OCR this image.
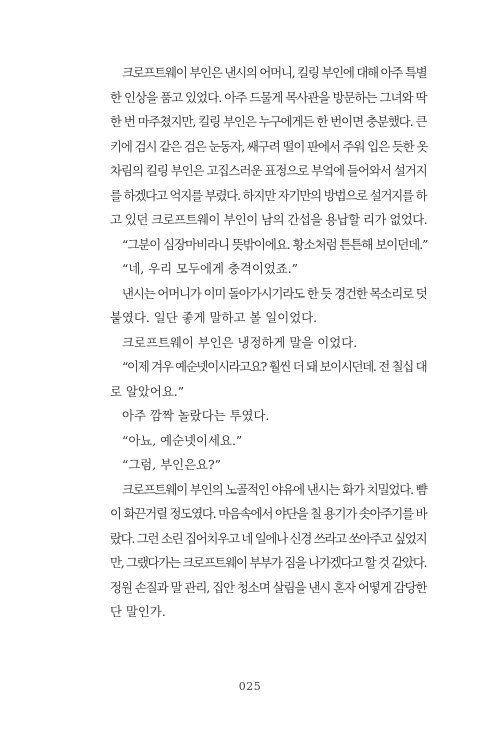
크로프트웨이 부인은 낸시의 어머니, 킬링 부인에 대해 아주 특별
한 인상을 품고 있었다. 아주 드물게 목사관을 방문하는 그녀와 딱
한 번 마주쳤지만, 킬링 부인은 누구에게든 한 번이면 충분했다. 큰
키에 검시 같은 검은 눈동자, 쌔구려 떨이 판에서 주워 입은 듯한 옷
차림의 킬링 부인은 고집스러운 표정으로 부엌에 들어와서 설거지
를 하겠다고 억지를 부렸다. 하지만 자기만의 방법으로 설거지를 하
고 있던 크로프트웨이 부인이 남의 간섭을 용납할 리가 없었다.
“그분이 심장마비라니 뜻밖이에요. 황소처럼 튼튼해 보이던데.”
“네, 우리 모두에게 충격이었죠.”
낸시는 어머니가 이미 돌아가시기라도 한 듯 경건한 목소리로 덧
붙였다. 일단 좋게 말하고 볼 일이었다.
크로프트웨이 부인은 냉정하게 말을 이었다.
“이제 겨우 예순넷이시라고요? 훨씬 더 돼 보이시던데. 전 칠십 대
로 알았어요.”
아주 깜짝 놀랐다는 투였다.
“아뇨, 예순넷이세요.”
“그럼, 부인은요?”
크로프트웨이 부인의 노골적인 야유에 낸시는 화가 치밀었다. 뺨
이 화끈거릴 정도였다. 마음속에서 야단을 칠 용기가 솟아주기를 바
랐다. 그런 소린 집어치우고 네 일에나 신경 쓰라고 쏘아주고 싶었지
만, 그랬다가는 크로프트웨이 부부가 짐을 나가겠다고 할 것 같았다.
정원 손질과 말 관리, 집안 청소며 살림을 낸시 혼자 어떻게 감당한
단 말인가.
025
